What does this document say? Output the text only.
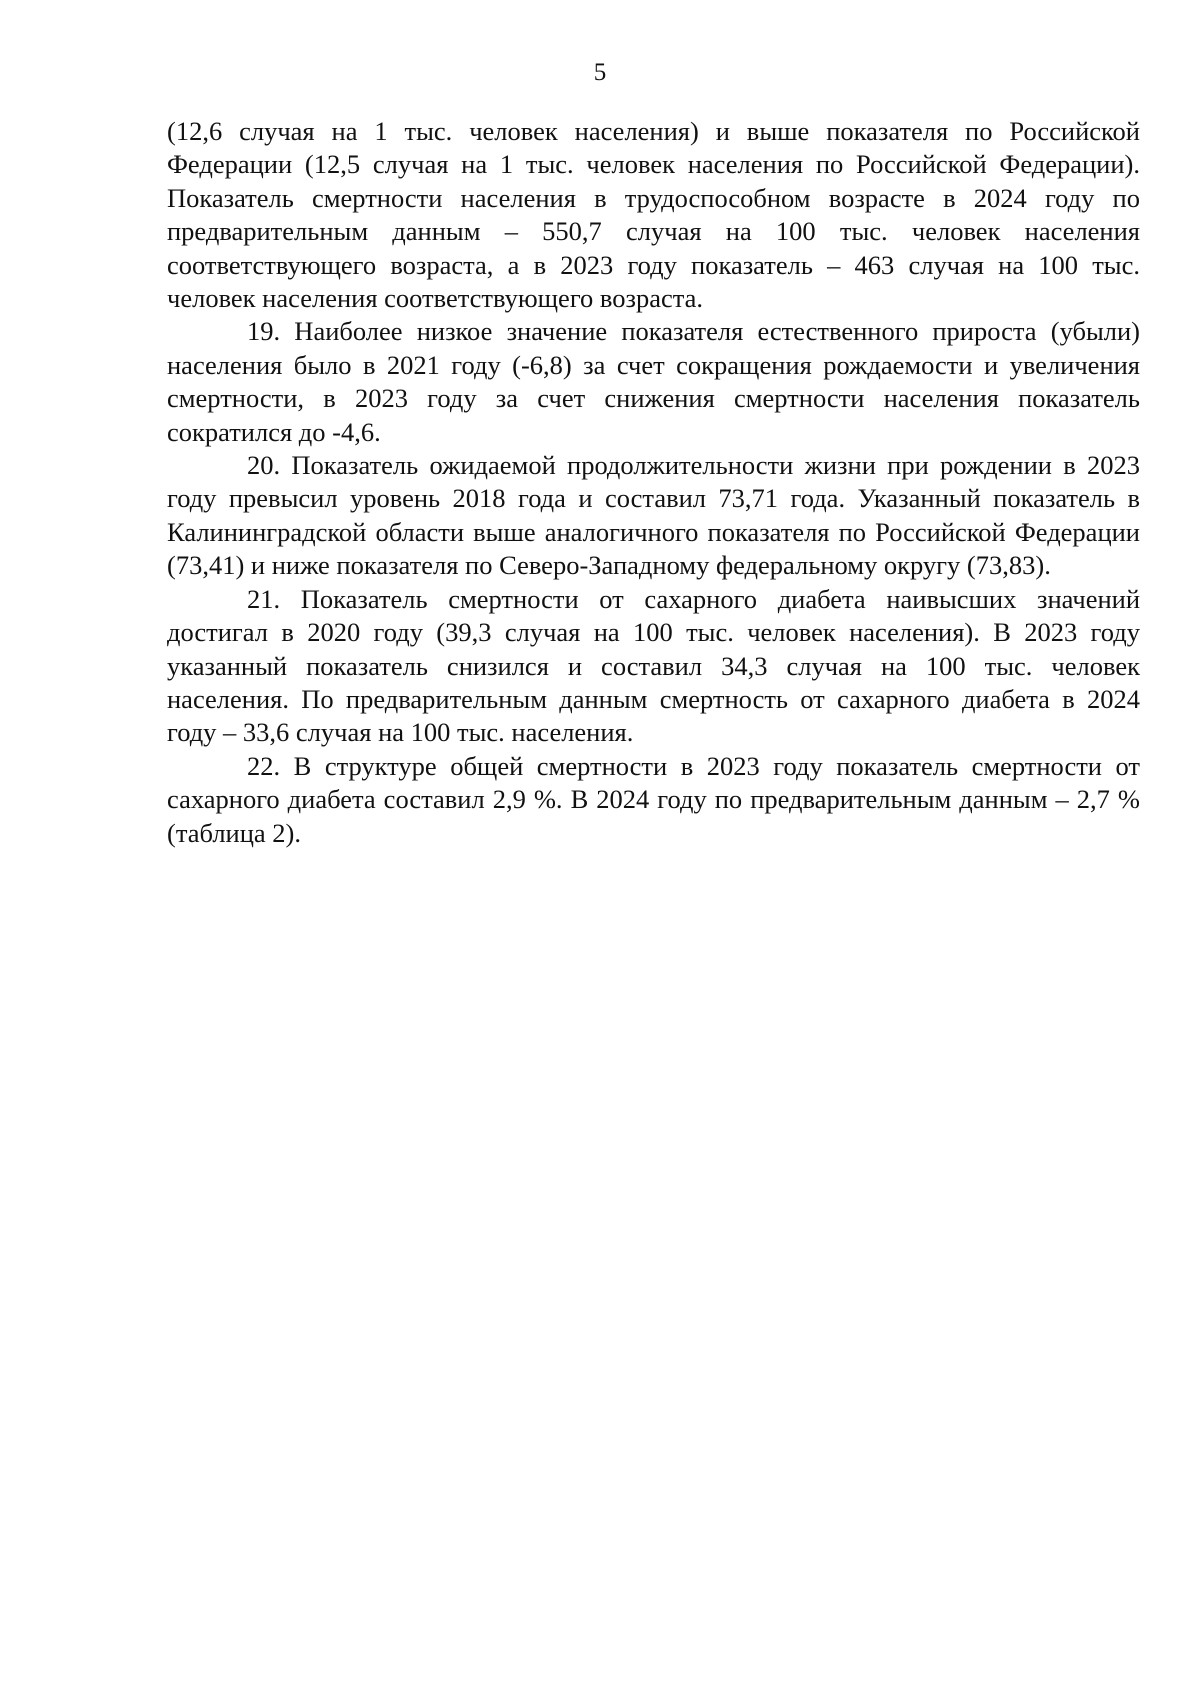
5

(12,6 случая на 1 тыс. человек населения) и выше показателя по Российской Федерации (12,5 случая на 1 тыс. человек населения по Российской Федерации). Показатель смертности населения в трудоспособном возрасте в 2024 году по предварительным данным – 550,7 случая на 100 тыс. человек населения соответствующего возраста, а в 2023 году показатель – 463 случая на 100 тыс. человек населения соответствующего возраста.

19. Наиболее низкое значение показателя естественного прироста (убыли) населения было в 2021 году (-6,8) за счет сокращения рождаемости и увеличения смертности, в 2023 году за счет снижения смертности населения показатель сократился до -4,6.

20. Показатель ожидаемой продолжительности жизни при рождении в 2023 году превысил уровень 2018 года и составил 73,71 года. Указанный показатель в Калининградской области выше аналогичного показателя по Российской Федерации (73,41) и ниже показателя по Северо-Западному федеральному округу (73,83).

21. Показатель смертности от сахарного диабета наивысших значений достигал в 2020 году (39,3 случая на 100 тыс. человек населения). В 2023 году указанный показатель снизился и составил 34,3 случая на 100 тыс. человек населения. По предварительным данным смертность от сахарного диабета в 2024 году – 33,6 случая на 100 тыс. населения.

22. В структуре общей смертности в 2023 году показатель смертности от сахарного диабета составил 2,9 %. В 2024 году по предварительным данным – 2,7 % (таблица 2).
